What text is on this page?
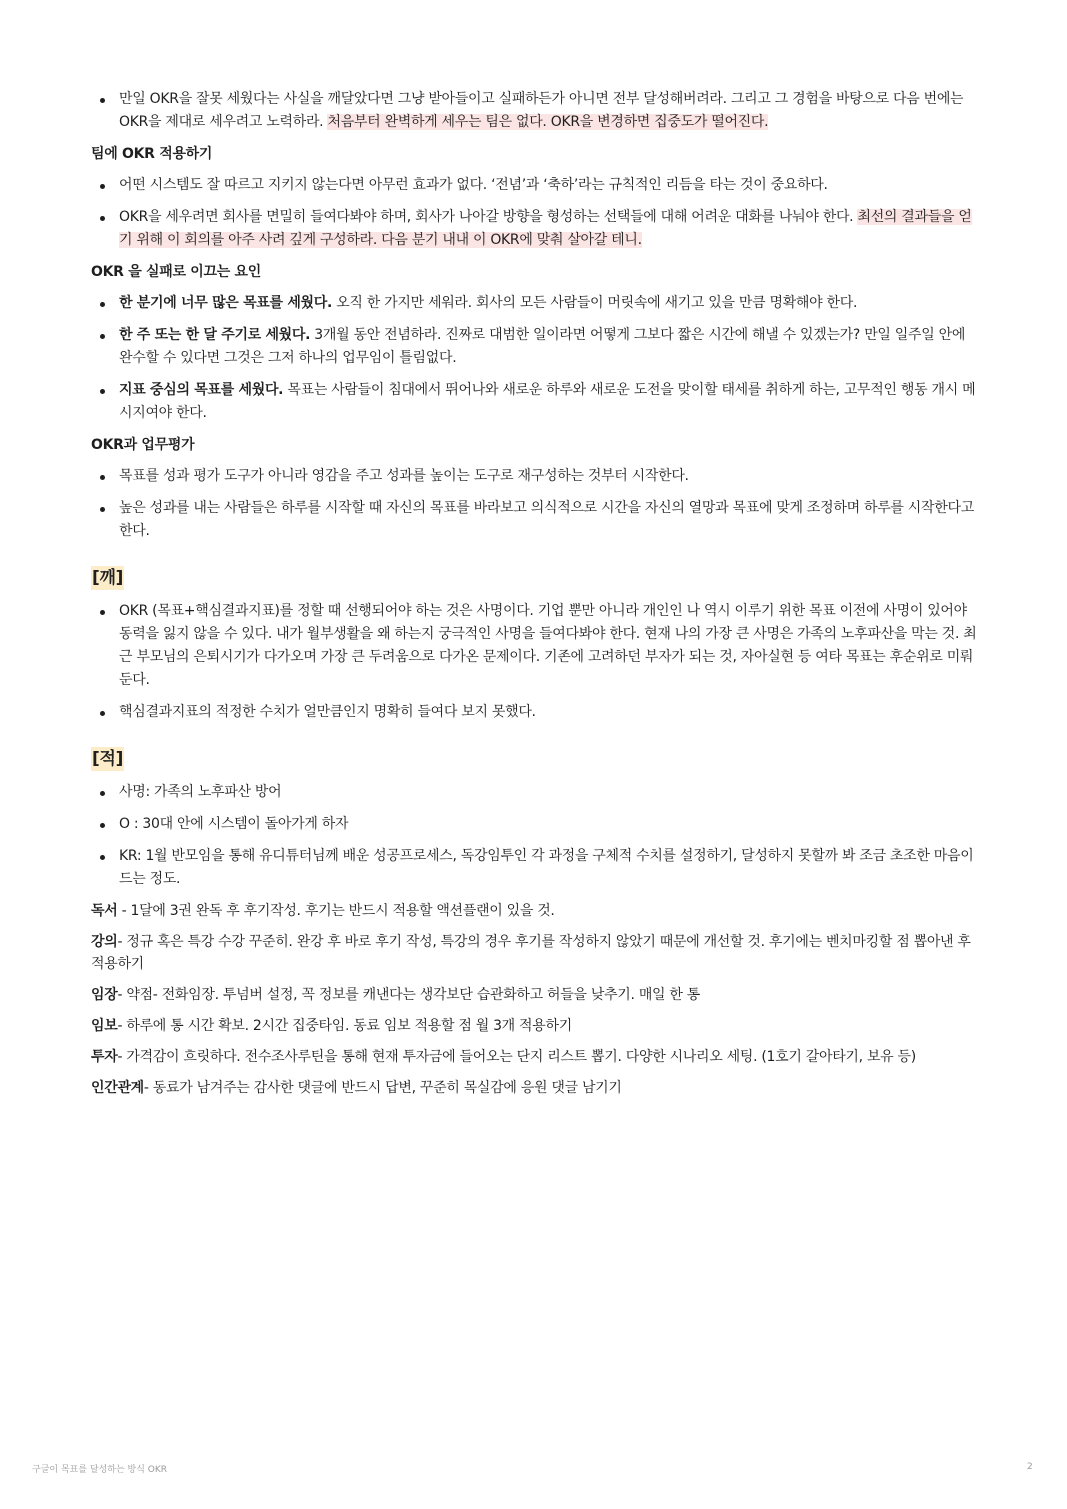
만일 OKR을 잘못 세웠다는 사실을 깨달았다면 그냥 받아들이고 실패하든가 아니면 전부 달성해버려라. 그리고 그 경험을 바탕으로 다음 번에는 OKR을 제대로 세우려고 노력하라. 처음부터 완벽하게 세우는 팀은 없다. OKR을 변경하면 집중도가 떨어진다.
팀에 OKR 적용하기
어떤 시스템도 잘 따르고 지키지 않는다면 아무런 효과가 없다. ‘전념’과 ‘축하’라는 규칙적인 리듬을 타는 것이 중요하다.
OKR을 세우려면 회사를 면밀히 들여다봐야 하며, 회사가 나아갈 방향을 형성하는 선택들에 대해 어려운 대화를 나눠야 한다. 최선의 결과들을 얻기 위해 이 회의를 아주 사려 깊게 구성하라. 다음 분기 내내 이 OKR에 맞춰 살아갈 테니.
OKR 을 실패로 이끄는 요인
한 분기에 너무 많은 목표를 세웠다. 오직 한 가지만 세워라. 회사의 모든 사람들이 머릿속에 새기고 있을 만큼 명확해야 한다.
한 주 또는 한 달 주기로 세웠다. 3개월 동안 전념하라. 진짜로 대범한 일이라면 어떻게 그보다 짧은 시간에 해낼 수 있겠는가? 만일 일주일 안에 완수할 수 있다면 그것은 그저 하나의 업무임이 틀림없다.
지표 중심의 목표를 세웠다. 목표는 사람들이 침대에서 뛰어나와 새로운 하루와 새로운 도전을 맞이할 태세를 취하게 하는, 고무적인 행동 개시 메시지여야 한다.
OKR과 업무평가
목표를 성과 평가 도구가 아니라 영감을 주고 성과를 높이는 도구로 재구성하는 것부터 시작한다.
높은 성과를 내는 사람들은 하루를 시작할 때 자신의 목표를 바라보고 의식적으로 시간을 자신의 열망과 목표에 맞게 조정하며 하루를 시작한다고 한다.
[깨]
OKR (목표+핵심결과지표)를 정할 때 선행되어야 하는 것은 사명이다. 기업 뿐만 아니라 개인인 나 역시 이루기 위한 목표 이전에 사명이 있어야 동력을 잃지 않을 수 있다. 내가 월부생활을 왜 하는지 궁극적인 사명을 들여다봐야 한다. 현재 나의 가장 큰 사명은 가족의 노후파산을 막는 것. 최근 부모님의 은퇴시기가 다가오며 가장 큰 두려움으로 다가온 문제이다. 기존에 고려하던 부자가 되는 것, 자아실현 등 여타 목표는 후순위로 미뤄둔다.
핵심결과지표의 적정한 수치가 얼만큼인지 명확히 들여다 보지 못했다.
[적]
사명: 가족의 노후파산 방어
O : 30대 안에 시스템이 돌아가게 하자
KR: 1월 반모임을 통해 유디튜터님께 배운 성공프로세스, 독강임투인 각 과정을 구체적 수치를 설정하기, 달성하지 못할까 봐 조금 초조한 마음이 드는 정도.

독서 - 1달에 3권 완독 후 후기작성. 후기는 반드시 적용할 액션플랜이 있을 것.

강의- 정규 혹은 특강 수강 꾸준히. 완강 후 바로 후기 작성, 특강의 경우 후기를 작성하지 않았기 때문에 개선할 것. 후기에는 벤치마킹할 점 뽑아낸 후 적용하기

임장- 약점- 전화임장. 투넘버 설정, 꼭 정보를 캐낸다는 생각보단 습관화하고 허들을 낮추기. 매일 한 통

임보- 하루에 통 시간 확보. 2시간 집중타임. 동료 임보 적용할 점 월 3개 적용하기

투자- 가격감이 흐릿하다. 전수조사루틴을 통해 현재 투자금에 들어오는 단지 리스트 뽑기. 다양한 시나리오 세팅. (1호기 갈아타기, 보유 등)

인간관계- 동료가 남겨주는 감사한 댓글에 반드시 답변, 꾸준히 목실감에 응원 댓글 남기기

구글이 목표를 달성하는 방식 OKR	2
